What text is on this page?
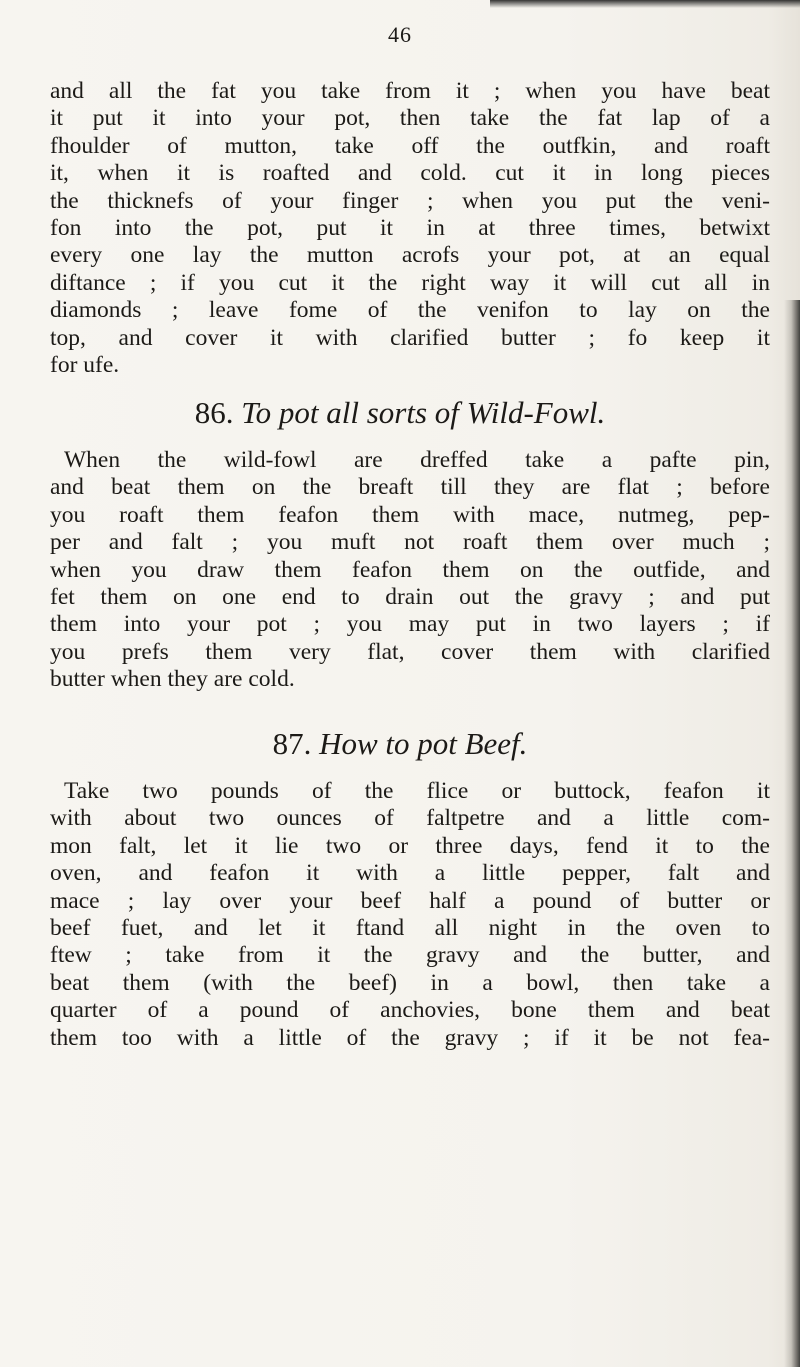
46
and all the fat you take from it ; when you have beat
it put it into your pot, then take the fat lap of a
fhoulder of mutton, take off the outfkin, and roaft
it, when it is roafted and cold. cut it in long pieces
the thicknefs of your finger ; when you put the veni-
fon into the pot, put it in at three times, betwixt
every one lay the mutton acrofs your pot, at an equal
diftance ; if you cut it the right way it will cut all in
diamonds ; leave fome of the venifon to lay on the
top, and cover it with clarified butter ; fo keep it
for ufe.
86. To pot all sorts of Wild-Fowl.
When the wild-fowl are dreffed take a pafte pin,
and beat them on the breaft till they are flat ; before
you roaft them feafon them with mace, nutmeg, pep-
per and falt ; you muft not roaft them over much ;
when you draw them feafon them on the outfide, and
fet them on one end to drain out the gravy ; and put
them into your pot ; you may put in two layers ; if
you prefs them very flat, cover them with clarified
butter when they are cold.
87. How to pot Beef.
Take two pounds of the flice or buttock, feafon it
with about two ounces of faltpetre and a little com-
mon falt, let it lie two or three days, fend it to the
oven, and feafon it with a little pepper, falt and
mace ; lay over your beef half a pound of butter or
beef fuet, and let it ftand all night in the oven to
ftew ; take from it the gravy and the butter, and
beat them (with the beef) in a bowl, then take a
quarter of a pound of anchovies, bone them and beat
them too with a little of the gravy ; if it be not fea-
